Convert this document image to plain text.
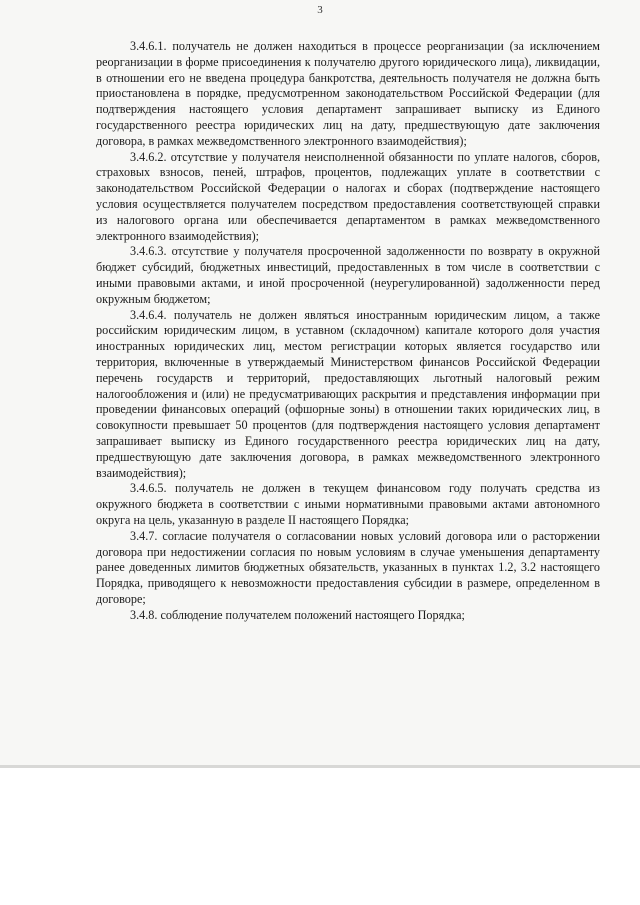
3

3.4.6.1. получатель не должен находиться в процессе реорганизации (за исключением реорганизации в форме присоединения к получателю другого юридического лица), ликвидации, в отношении его не введена процедура банкротства, деятельность получателя не должна быть приостановлена в порядке, предусмотренном законодательством Российской Федерации (для подтверждения настоящего условия департамент запрашивает выписку из Единого государственного реестра юридических лиц на дату, предшествующую дате заключения договора, в рамках межведомственного электронного взаимодействия);

3.4.6.2. отсутствие у получателя неисполненной обязанности по уплате налогов, сборов, страховых взносов, пеней, штрафов, процентов, подлежащих уплате в соответствии с законодательством Российской Федерации о налогах и сборах (подтверждение настоящего условия осуществляется получателем посредством предоставления соответствующей справки из налогового органа или обеспечивается департаментом в рамках межведомственного электронного взаимодействия);

3.4.6.3. отсутствие у получателя просроченной задолженности по возврату в окружной бюджет субсидий, бюджетных инвестиций, предоставленных в том числе в соответствии с иными правовыми актами, и иной просроченной (неурегулированной) задолженности перед окружным бюджетом;

3.4.6.4. получатель не должен являться иностранным юридическим лицом, а также российским юридическим лицом, в уставном (складочном) капитале которого доля участия иностранных юридических лиц, местом регистрации которых является государство или территория, включенные в утверждаемый Министерством финансов Российской Федерации перечень государств и территорий, предоставляющих льготный налоговый режим налогообложения и (или) не предусматривающих раскрытия и представления информации при проведении финансовых операций (офшорные зоны) в отношении таких юридических лиц, в совокупности превышает 50 процентов (для подтверждения настоящего условия департамент запрашивает выписку из Единого государственного реестра юридических лиц на дату, предшествующую дате заключения договора, в рамках межведомственного электронного взаимодействия);

3.4.6.5. получатель не должен в текущем финансовом году получать средства из окружного бюджета в соответствии с иными нормативными правовыми актами автономного округа на цель, указанную в разделе II настоящего Порядка;

3.4.7. согласие получателя о согласовании новых условий договора или о расторжении договора при недостижении согласия по новым условиям в случае уменьшения департаменту ранее доведенных лимитов бюджетных обязательств, указанных в пунктах 1.2, 3.2 настоящего Порядка, приводящего к невозможности предоставления субсидии в размере, определенном в договоре;

3.4.8. соблюдение получателем положений настоящего Порядка;
